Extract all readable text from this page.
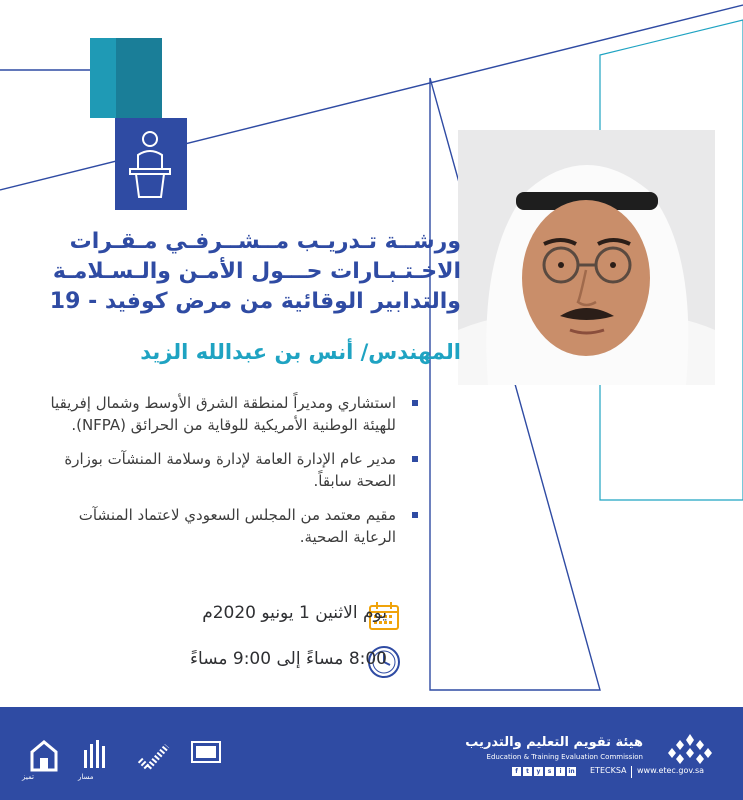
ورشــة تـدريـب مــشــرفـي مـقـرات
الاخـتـبـارات حـــول الأمـن والـسـلامـة
والتدابير الوقائية من مرض كوفيد - 19
المهندس/ أنس بن عبدالله الزيد
استشاري ومديراً لمنطقة الشرق الأوسط وشمال إفريقيا للهيئة الوطنية الأمريكية للوقاية من الحرائق (NFPA).
مدير عام الإدارة العامة لإدارة وسلامة المنشآت بوزارة الصحة سابقاً.
مقيم معتمد من المجلس السعودي لاعتماد المنشآت الرعاية الصحية.
يوم الاثنين 1 يونيو 2020م
8:00 مساءً إلى 9:00 مساءً
مسار
تميز
هيئة تقويم التعليم والتدريب
Education & Training Evaluation Commission
f	t	y	s	i	in ETECKSA www.etec.gov.sa
